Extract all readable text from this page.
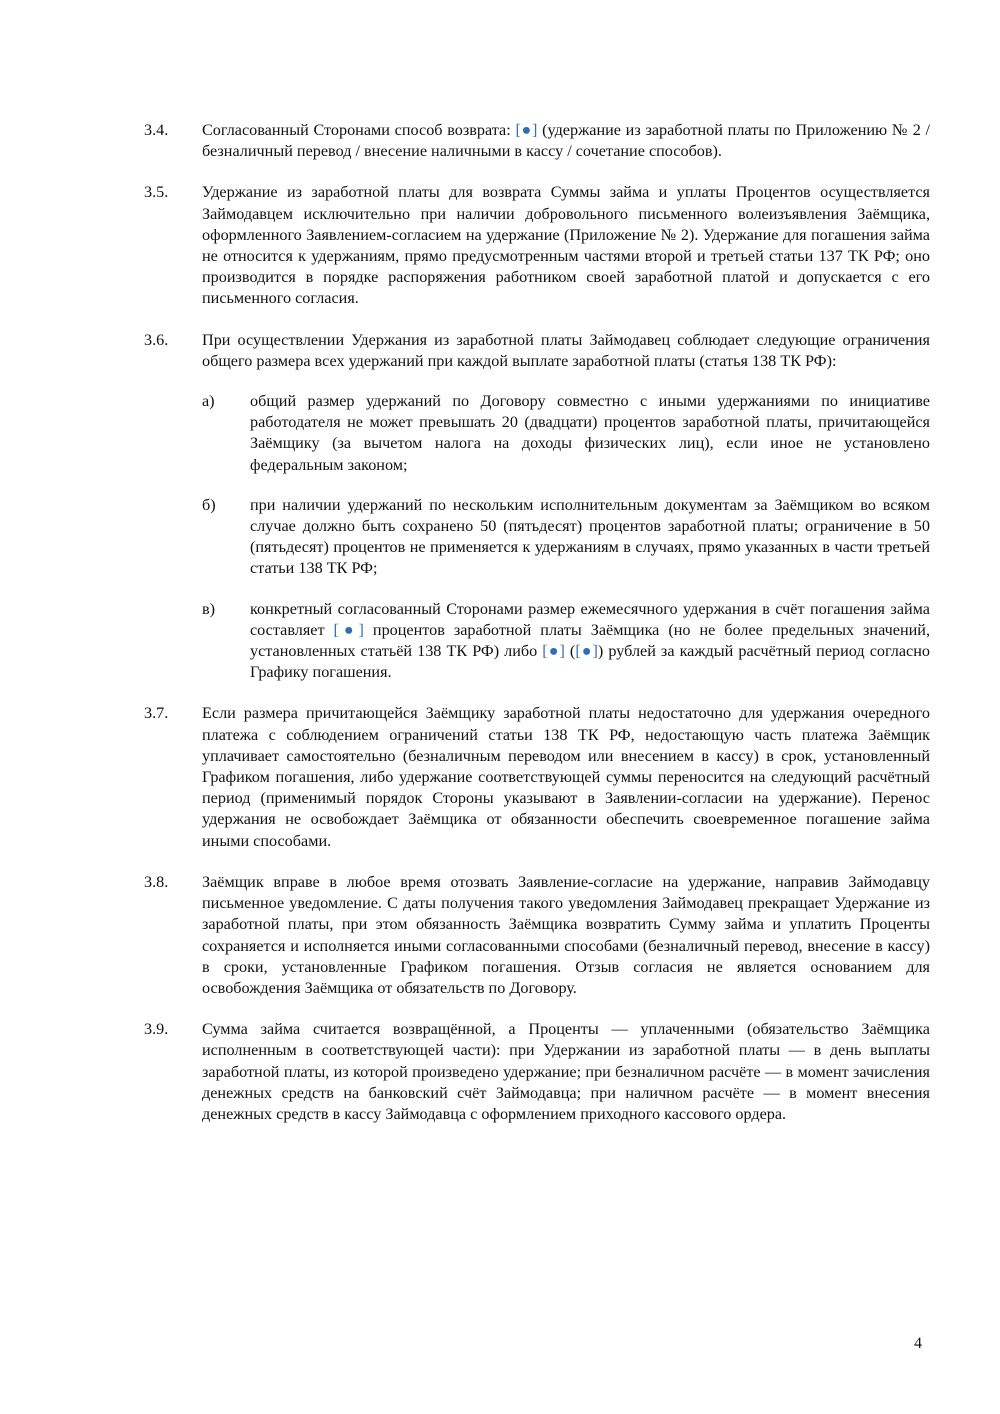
3.4.	Согласованный Сторонами способ возврата: [●] (удержание из заработной платы по Приложению № 2 / безналичный перевод / внесение наличными в кассу / сочетание способов).
3.5.	Удержание из заработной платы для возврата Суммы займа и уплаты Процентов осуществляется Займодавцем исключительно при наличии добровольного письменного волеизъявления Заёмщика, оформленного Заявлением-согласием на удержание (Приложение № 2). Удержание для погашения займа не относится к удержаниям, прямо предусмотренным частями второй и третьей статьи 137 ТК РФ; оно производится в порядке распоряжения работником своей заработной платой и допускается с его письменного согласия.
3.6.	При осуществлении Удержания из заработной платы Займодавец соблюдает следующие ограничения общего размера всех удержаний при каждой выплате заработной платы (статья 138 ТК РФ):
а)	общий размер удержаний по Договору совместно с иными удержаниями по инициативе работодателя не может превышать 20 (двадцати) процентов заработной платы, причитающейся Заёмщику (за вычетом налога на доходы физических лиц), если иное не установлено федеральным законом;
б)	при наличии удержаний по нескольким исполнительным документам за Заёмщиком во всяком случае должно быть сохранено 50 (пятьдесят) процентов заработной платы; ограничение в 50 (пятьдесят) процентов не применяется к удержаниям в случаях, прямо указанных в части третьей статьи 138 ТК РФ;
в)	конкретный согласованный Сторонами размер ежемесячного удержания в счёт погашения займа составляет [●] процентов заработной платы Заёмщика (но не более предельных значений, установленных статьёй 138 ТК РФ) либо [●] ([●]) рублей за каждый расчётный период согласно Графику погашения.
3.7.	Если размера причитающейся Заёмщику заработной платы недостаточно для удержания очередного платежа с соблюдением ограничений статьи 138 ТК РФ, недостающую часть платежа Заёмщик уплачивает самостоятельно (безналичным переводом или внесением в кассу) в срок, установленный Графиком погашения, либо удержание соответствующей суммы переносится на следующий расчётный период (применимый порядок Стороны указывают в Заявлении-согласии на удержание). Перенос удержания не освобождает Заёмщика от обязанности обеспечить своевременное погашение займа иными способами.
3.8.	Заёмщик вправе в любое время отозвать Заявление-согласие на удержание, направив Займодавцу письменное уведомление. С даты получения такого уведомления Займодавец прекращает Удержание из заработной платы, при этом обязанность Заёмщика возвратить Сумму займа и уплатить Проценты сохраняется и исполняется иными согласованными способами (безналичный перевод, внесение в кассу) в сроки, установленные Графиком погашения. Отзыв согласия не является основанием для освобождения Заёмщика от обязательств по Договору.
3.9.	Сумма займа считается возвращённой, а Проценты — уплаченными (обязательство Заёмщика исполненным в соответствующей части): при Удержании из заработной платы — в день выплаты заработной платы, из которой произведено удержание; при безналичном расчёте — в момент зачисления денежных средств на банковский счёт Займодавца; при наличном расчёте — в момент внесения денежных средств в кассу Займодавца с оформлением приходного кассового ордера.
4
